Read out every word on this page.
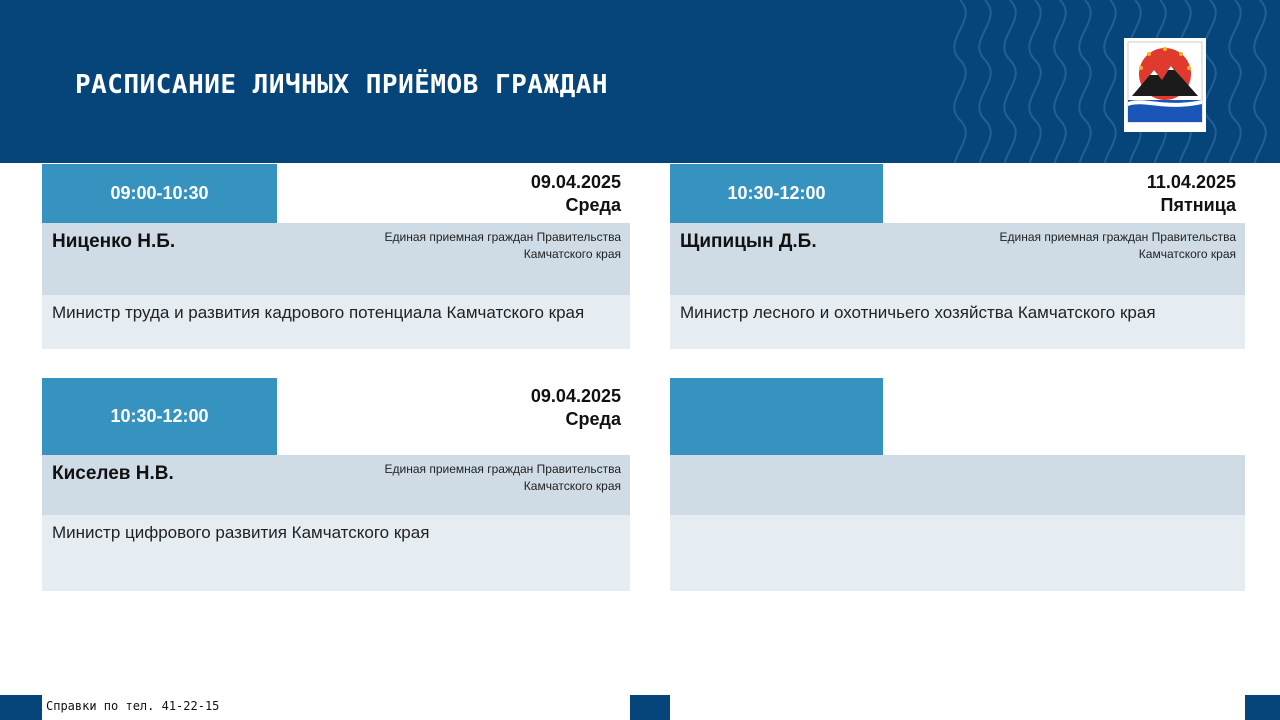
РАСПИСАНИЕ ЛИЧНЫХ ПРИЁМОВ ГРАЖДАН
09:00-10:30
09.04.2025
Среда
Ниценко Н.Б.	Единая приемная граждан Правительства
Камчатского края
Министр труда и развития кадрового потенциала Камчатского края
10:30-12:00
11.04.2025
Пятница
Щипицын Д.Б.	Единая приемная граждан Правительства
Камчатского края
Министр лесного и охотничьего хозяйства Камчатского края
10:30-12:00
09.04.2025
Среда
Киселев Н.В.	Единая приемная граждан Правительства
Камчатского края
Министр цифрового развития Камчатского края
Справки по тел. 41-22-15
